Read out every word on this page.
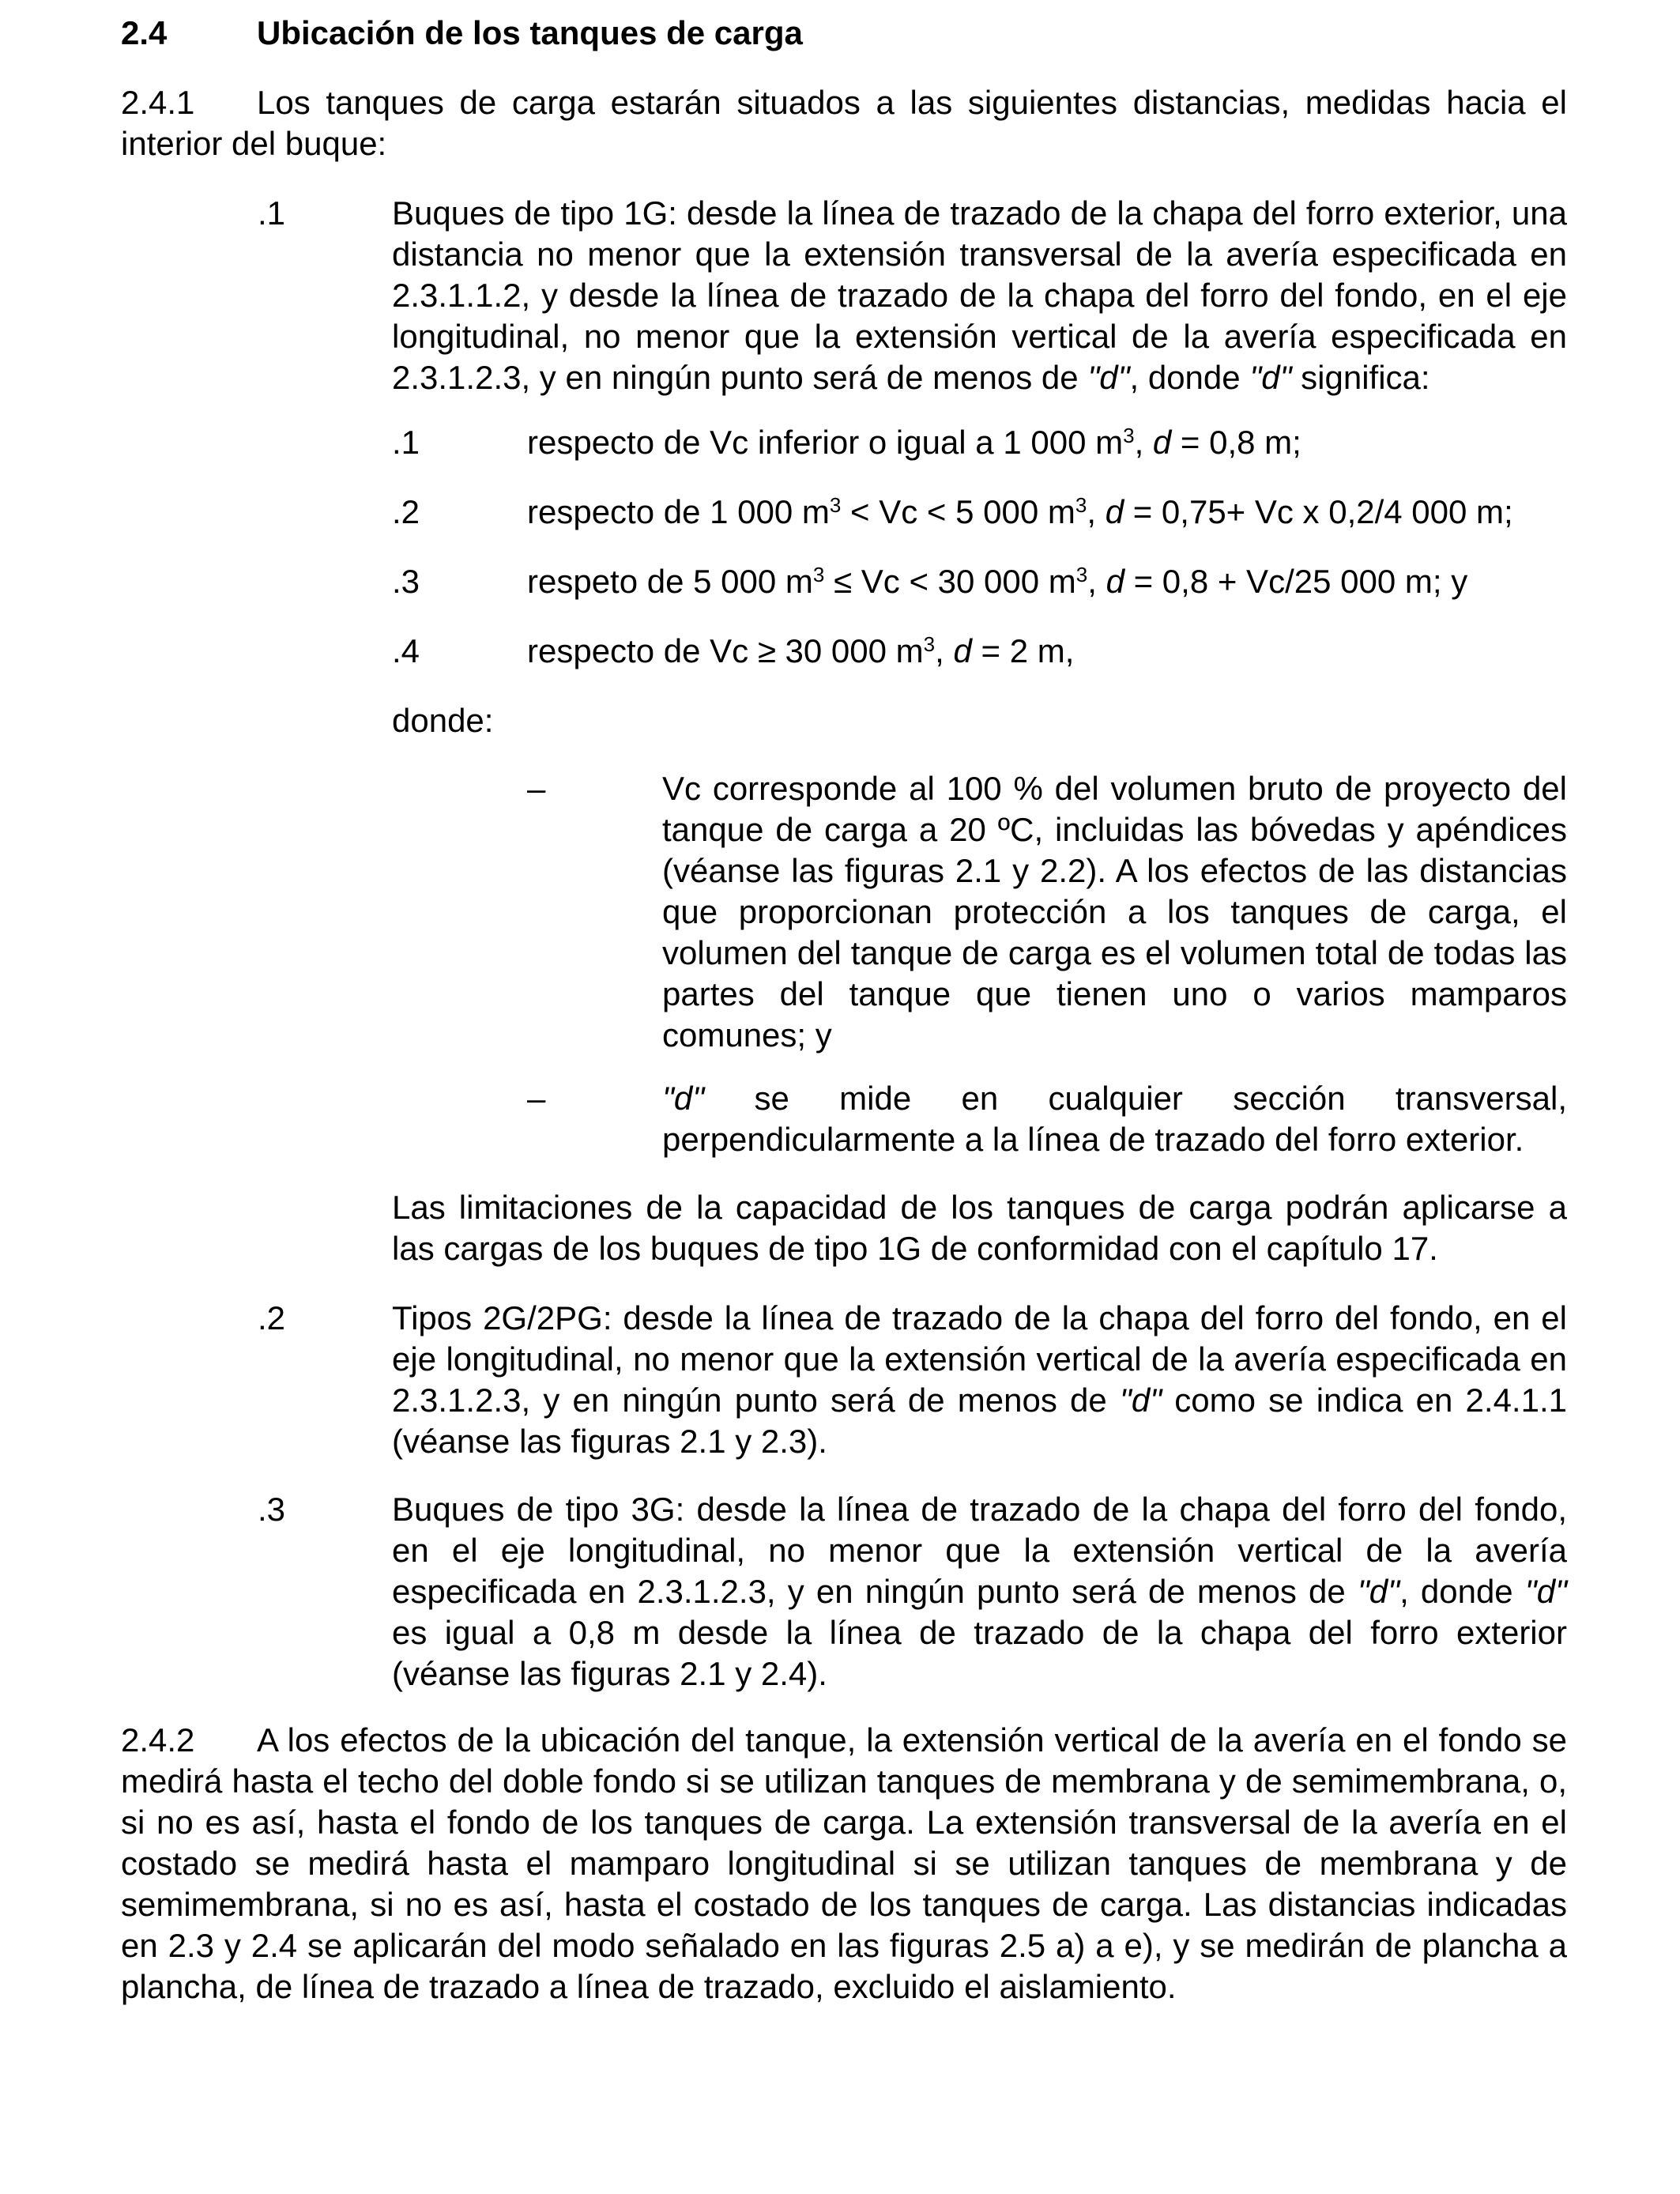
2.4	Ubicación de los tanques de carga
2.4.1 Los tanques de carga estarán situados a las siguientes distancias, medidas hacia el interior del buque:
.1	Buques de tipo 1G: desde la línea de trazado de la chapa del forro exterior, una distancia no menor que la extensión transversal de la avería especificada en 2.3.1.1.2, y desde la línea de trazado de la chapa del forro del fondo, en el eje longitudinal, no menor que la extensión vertical de la avería especificada en 2.3.1.2.3, y en ningún punto será de menos de "d", donde "d" significa:
.1	respecto de Vc inferior o igual a 1 000 $m^3$, d = 0,8 m;
.2	respecto de 1 000 $m^3 < Vc < 5$ 000 $m^3$, d = 0,75+ Vc x 0,2/4 000 m;
.3	respeto de 5 000 $m^3 \le Vc < 30$ 000 $m^3$, d = 0,8 + Vc/25 000 m; y
.4	respecto de Vc ≥ 30 000 $m^3$, d = 2 m,
donde:
–	Vc corresponde al 100 % del volumen bruto de proyecto del tanque de carga a 20 ºC, incluidas las bóvedas y apéndices (véanse las figuras 2.1 y 2.2). A los efectos de las distancias que proporcionan protección a los tanques de carga, el volumen del tanque de carga es el volumen total de todas las partes del tanque que tienen uno o varios mamparos comunes; y
–	"d" se mide en cualquier sección transversal,
perpendicularmente a la línea de trazado del forro exterior.
Las limitaciones de la capacidad de los tanques de carga podrán aplicarse a las cargas de los buques de tipo 1G de conformidad con el capítulo 17.
.2	Tipos 2G/2PG: desde la línea de trazado de la chapa del forro del fondo, en el eje longitudinal, no menor que la extensión vertical de la avería especificada en 2.3.1.2.3, y en ningún punto será de menos de "d" como se indica en 2.4.1.1 (véanse las figuras 2.1 y 2.3).
.3	Buques de tipo 3G: desde la línea de trazado de la chapa del forro del fondo, en el eje longitudinal, no menor que la extensión vertical de la avería especificada en 2.3.1.2.3, y en ningún punto será de menos de "d", donde "d" es igual a 0,8 m desde la línea de trazado de la chapa del forro exterior (véanse las figuras 2.1 y 2.4).
2.4.2 A los efectos de la ubicación del tanque, la extensión vertical de la avería en el fondo se medirá hasta el techo del doble fondo si se utilizan tanques de membrana y de semimembrana, o, si no es así, hasta el fondo de los tanques de carga. La extensión transversal de la avería en el costado se medirá hasta el mamparo longitudinal si se utilizan tanques de membrana y de semimembrana, si no es así, hasta el costado de los tanques de carga. Las distancias indicadas en 2.3 y 2.4 se aplicarán del modo señalado en las figuras 2.5 a) a e), y se medirán de plancha a plancha, de línea de trazado a línea de trazado, excluido el aislamiento.
